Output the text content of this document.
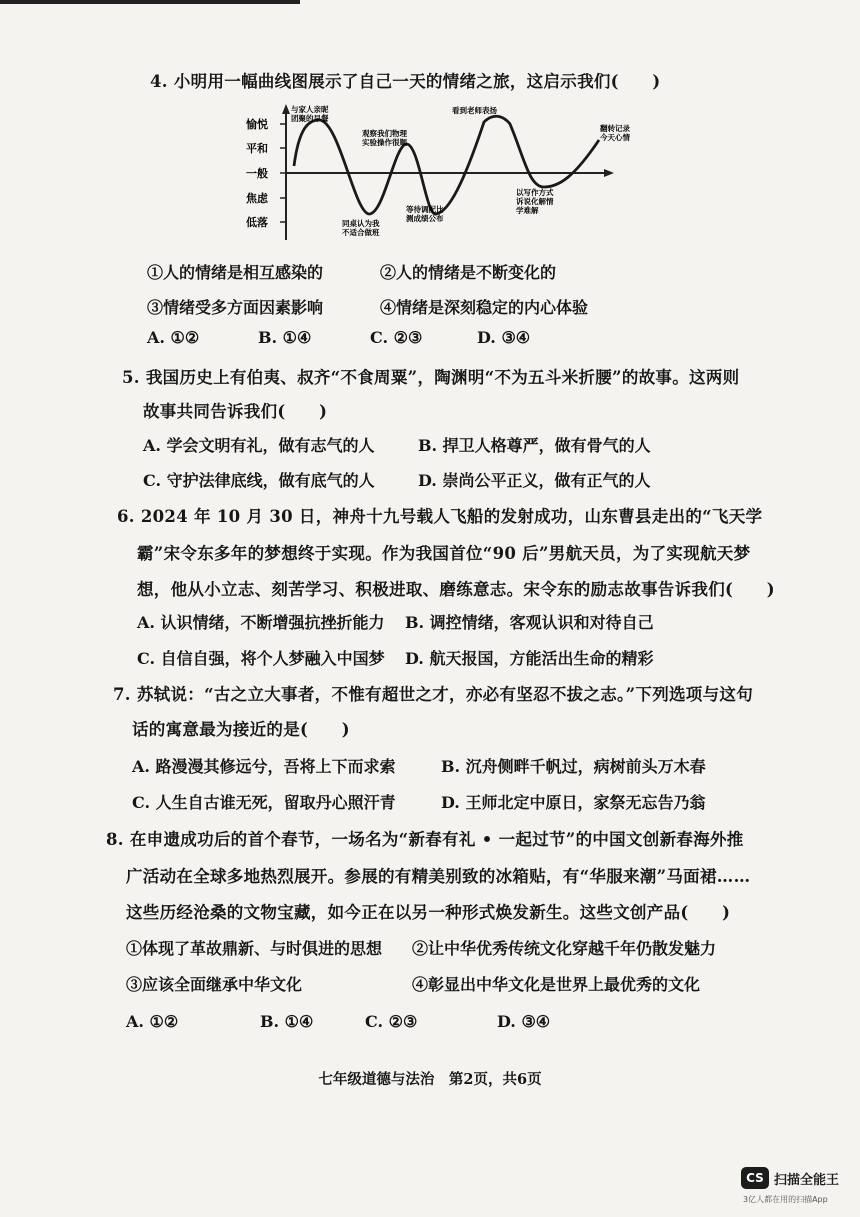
4. 小明用一幅曲线图展示了自己一天的情绪之旅，这启示我们(　　)
愉悦
平和
一般
焦虑
低落
与家人亲昵团聚的早餐
观察我们物理实验操作很顺
看到老师表扬
翻转记录今天心情
同桌认为我不适合做班
等待调配比测成绩公布
以写作方式诉说化解情学难解
①人的情绪是相互感染的	②人的情绪是不断变化的
③情绪受多方面因素影响	④情绪是深刻稳定的内心体验
A. ①②	B. ①④	C. ②③	D. ③④
5. 我国历史上有伯夷、叔齐“不食周粟”，陶渊明“不为五斗米折腰”的故事。这两则
故事共同告诉我们(　　)
A. 学会文明有礼，做有志气的人	B. 捍卫人格尊严，做有骨气的人
C. 守护法律底线，做有底气的人	D. 崇尚公平正义，做有正气的人
6. 2024 年 10 月 30 日，神舟十九号载人飞船的发射成功，山东曹县走出的“飞天学
霸”宋令东多年的梦想终于实现。作为我国首位“90 后”男航天员，为了实现航天梦
想，他从小立志、刻苦学习、积极进取、磨练意志。宋令东的励志故事告诉我们(　　)
A. 认识情绪，不断增强抗挫折能力 B. 调控情绪，客观认识和对待自己
C. 自信自强，将个人梦融入中国梦 D. 航天报国，方能活出生命的精彩
7. 苏轼说：“古之立大事者，不惟有超世之才，亦必有坚忍不拔之志。”下列选项与这句
话的寓意最为接近的是(　　)
A. 路漫漫其修远兮，吾将上下而求索	B. 沉舟侧畔千帆过，病树前头万木春
C. 人生自古谁无死，留取丹心照汗青	D. 王师北定中原日，家祭无忘告乃翁
8. 在申遗成功后的首个春节，一场名为“新春有礼 • 一起过节”的中国文创新春海外推
广活动在全球多地热烈展开。参展的有精美别致的冰箱贴，有“华服来潮”马面裙……
这些历经沧桑的文物宝藏，如今正在以另一种形式焕发新生。这些文创产品(　　)
①体现了革故鼎新、与时俱进的思想 ②让中华优秀传统文化穿越千年仍散发魅力
③应该全面继承中华文化	④彰显出中华文化是世界上最优秀的文化
A. ①②	B. ①④	C. ②③	D. ③④
七年级道德与法治　第2页，共6页
CS 扫描全能王
3亿人都在用的扫描App
